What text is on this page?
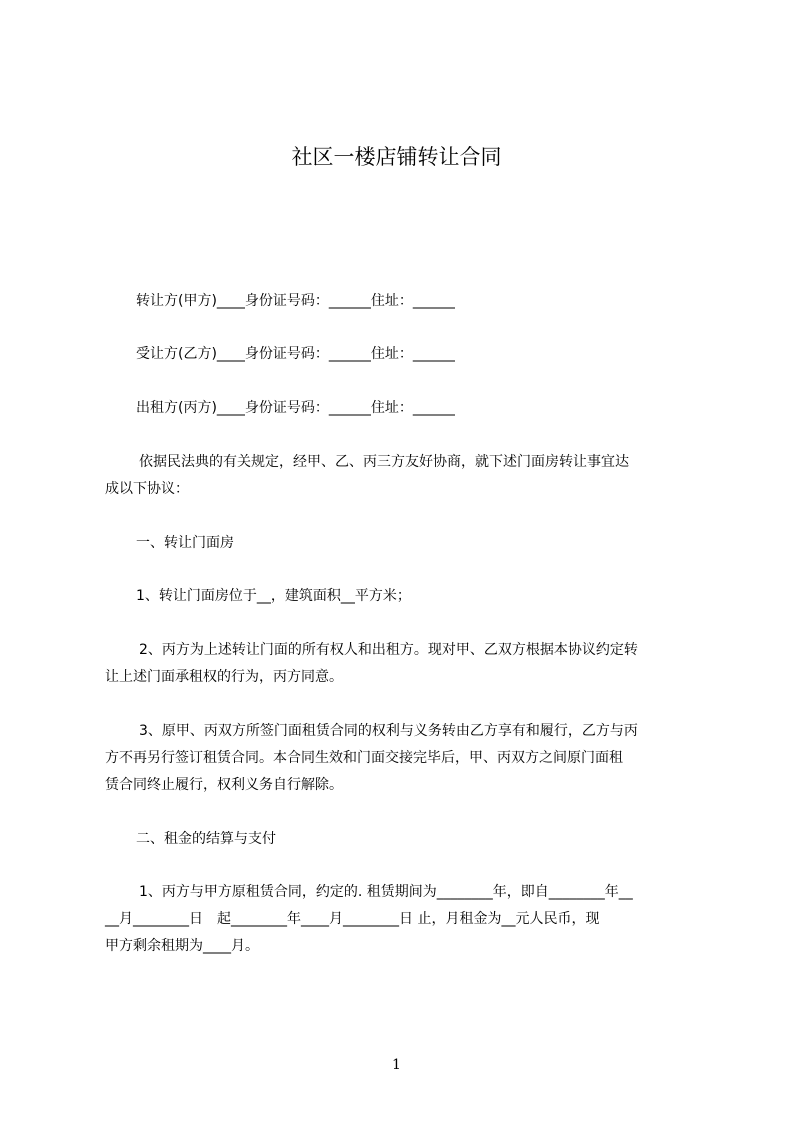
社区一楼店铺转让合同
转让方(甲方)____身份证号码：______住址：______
受让方(乙方)____身份证号码：______住址：______
出租方(丙方)____身份证号码：______住址：______
依据民法典的有关规定，经甲、乙、丙三方友好协商，就下述门面房转让事宜达
成以下协议：
一、转让门面房
1、转让门面房位于__，建筑面积__平方米；
2、丙方为上述转让门面的所有权人和出租方。现对甲、乙双方根据本协议约定转
让上述门面承租权的行为，丙方同意。
3、原甲、丙双方所签门面租赁合同的权利与义务转由乙方享有和履行，乙方与丙
方不再另行签订租赁合同。本合同生效和门面交接完毕后，甲、丙双方之间原门面租
赁合同终止履行，权利义务自行解除。
二、租金的结算与支付
1、丙方与甲方原租赁合同，约定的. 租赁期间为________年，即自________年__
__月________日　起________年____月________日 止，月租金为__元人民币，现
甲方剩余租期为____月。
1
